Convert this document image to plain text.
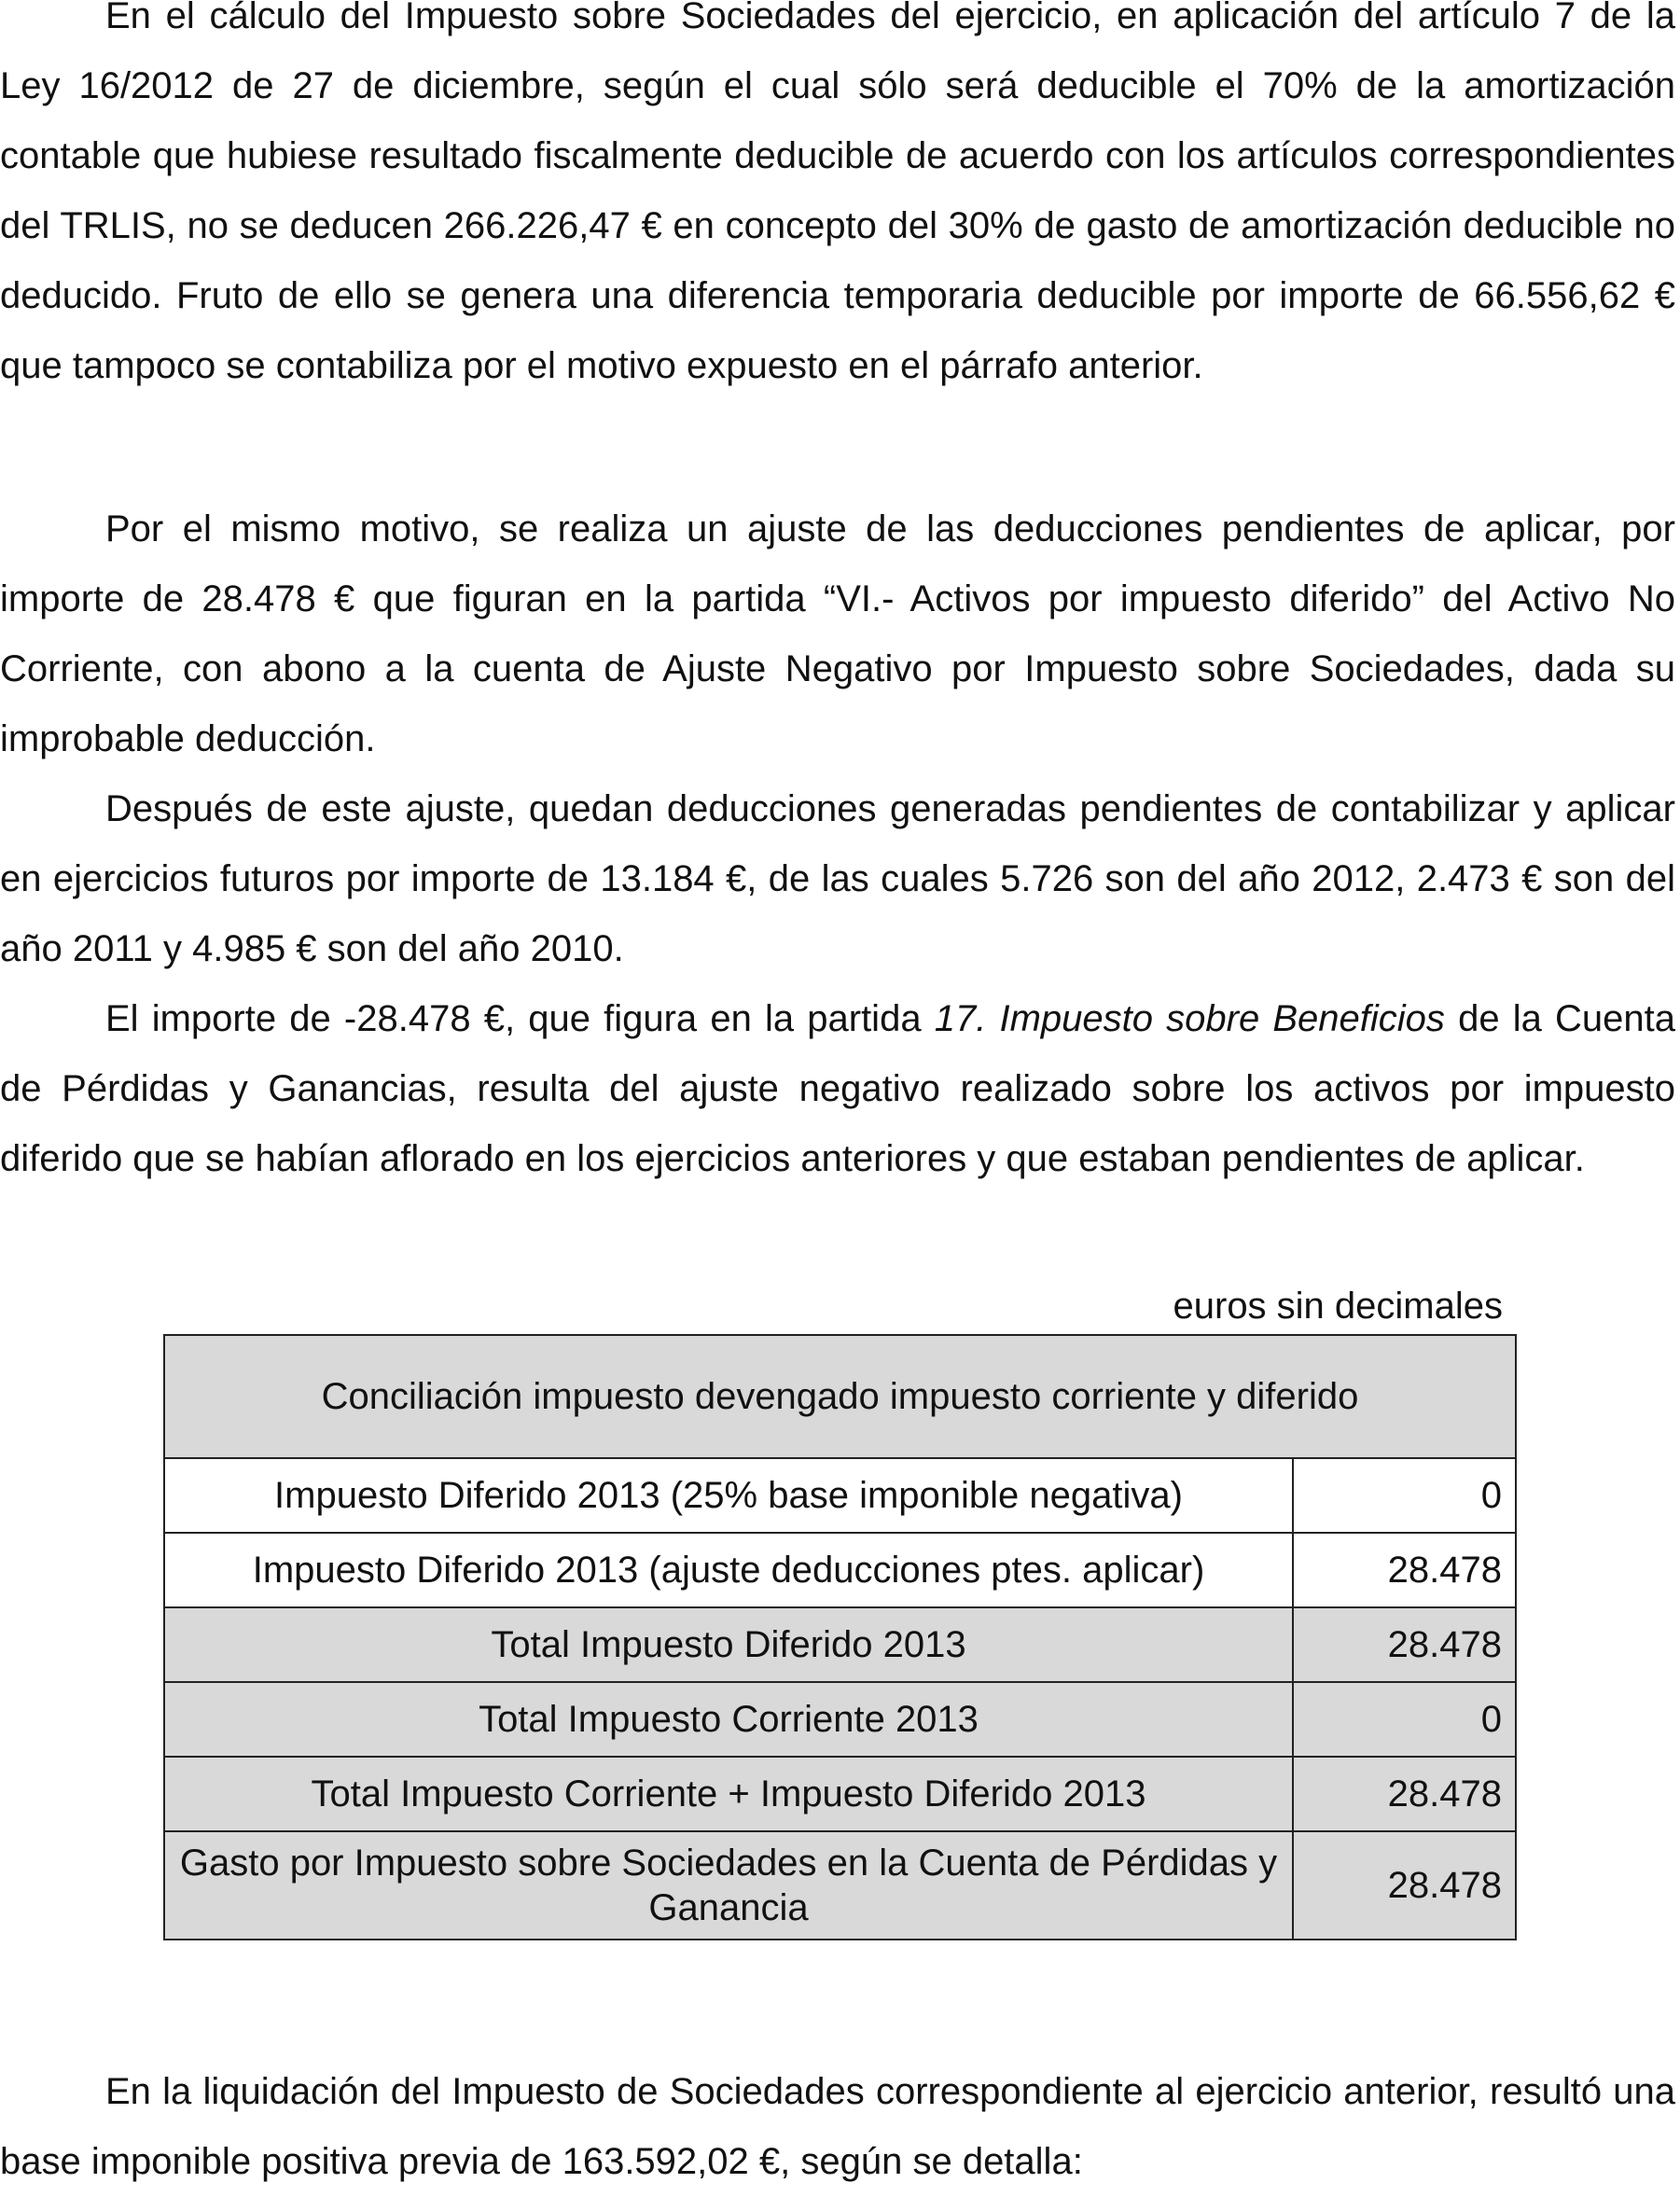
En el cálculo del Impuesto sobre Sociedades del ejercicio, en aplicación del artículo 7 de la Ley 16/2012 de 27 de diciembre, según el cual sólo será deducible el 70% de la amortización contable que hubiese resultado fiscalmente deducible de acuerdo con los artículos correspondientes del TRLIS, no se deducen 266.226,47 € en concepto del 30% de gasto de amortización deducible no deducido. Fruto de ello se genera una diferencia temporaria deducible por importe de 66.556,62 € que tampoco se contabiliza por el motivo expuesto en el párrafo anterior.

Por el mismo motivo, se realiza un ajuste de las deducciones pendientes de aplicar, por importe de 28.478 € que figuran en la partida “VI.- Activos por impuesto diferido” del Activo No Corriente, con abono a la cuenta de Ajuste Negativo por Impuesto sobre Sociedades, dada su improbable deducción.

Después de este ajuste, quedan deducciones generadas pendientes de contabilizar y aplicar en ejercicios futuros por importe de 13.184 €, de las cuales 5.726 son del año 2012, 2.473 € son del año 2011 y 4.985 € son del año 2010.

El importe de -28.478 €, que figura en la partida 17. Impuesto sobre Beneficios de la Cuenta de Pérdidas y Ganancias, resulta del ajuste negativo realizado sobre los activos por impuesto diferido que se habían aflorado en los ejercicios anteriores y que estaban pendientes de aplicar.

euros sin decimales
Conciliación impuesto devengado impuesto corriente y diferido	
Impuesto Diferido 2013 (25% base imponible negativa)	0
Impuesto Diferido 2013 (ajuste deducciones ptes. aplicar)	28.478
Total Impuesto Diferido 2013	28.478
Total Impuesto Corriente 2013	0
Total Impuesto Corriente + Impuesto Diferido 2013	28.478
Gasto por Impuesto sobre Sociedades en la Cuenta de Pérdidas y Ganancia	28.478

En la liquidación del Impuesto de Sociedades correspondiente al ejercicio anterior, resultó una base imponible positiva previa de 163.592,02 €, según se detalla:
